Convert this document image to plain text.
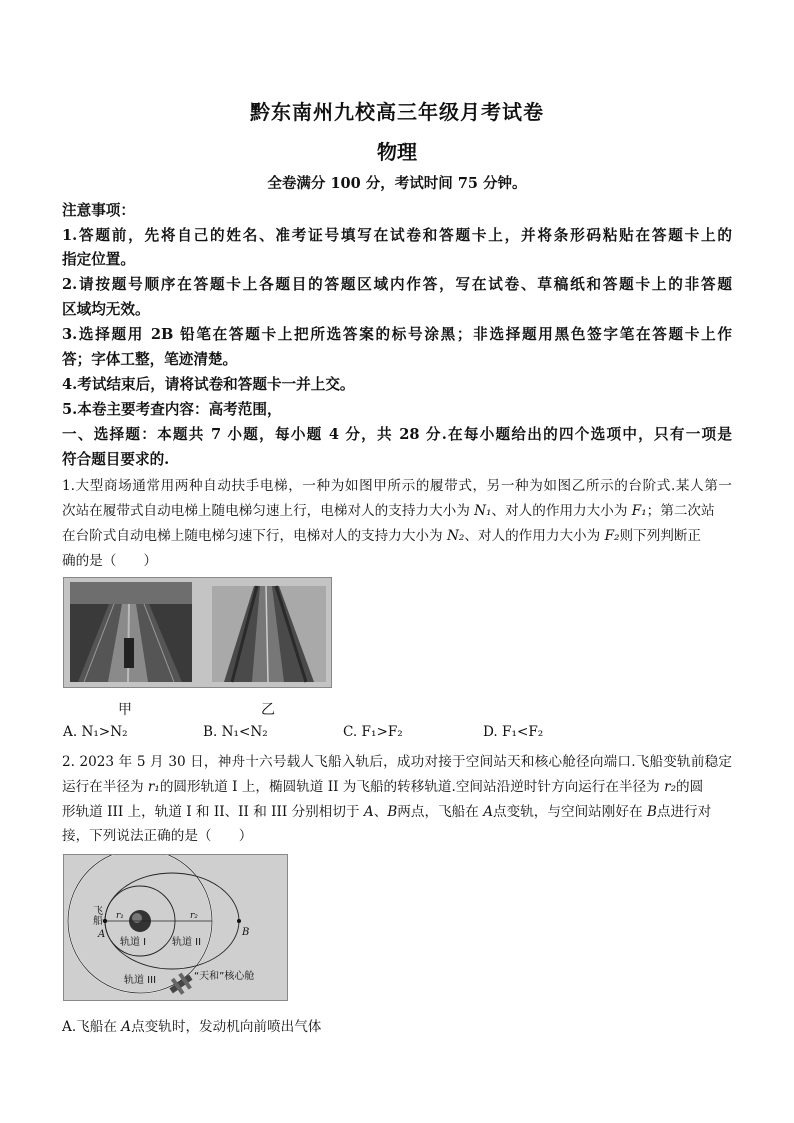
黔东南州九校高三年级月考试卷
物理
全卷满分 100 分，考试时间 75 分钟。
注意事项：
1.答题前，先将自己的姓名、准考证号填写在试卷和答题卡上，并将条形码粘贴在答题卡上的
指定位置。
2.请按题号顺序在答题卡上各题目的答题区域内作答，写在试卷、草稿纸和答题卡上的非答题
区域均无效。
3.选择题用 2B 铅笔在答题卡上把所选答案的标号涂黑；非选择题用黑色签字笔在答题卡上作
答；字体工整，笔迹清楚。
4.考试结束后，请将试卷和答题卡一并上交。
5.本卷主要考查内容：高考范围，
一、选择题：本题共 7 小题，每小题 4 分，共 28 分.在每小题给出的四个选项中，只有一项是
符合题目要求的.
1.大型商场通常用两种自动扶手电梯，一种为如图甲所示的履带式，另一种为如图乙所示的台阶式.某人第一
次站在履带式自动电梯上随电梯匀速上行，电梯对人的支持力大小为 N₁、对人的作用力大小为 F₁；第二次站
在台阶式自动电梯上随电梯匀速下行，电梯对人的支持力大小为 N₂、对人的作用力大小为 F₂则下列判断正
确的是（　　）
甲	乙
A. N₁>N₂	B. N₁<N₂	C. F₁>F₂	D. F₁<F₂
2. 2023 年 5 月 30 日，神舟十六号载人飞船入轨后，成功对接于空间站天和核心舱径向端口.飞船变轨前稳定
运行在半径为 r₁的圆形轨道 I 上，椭圆轨道 II 为飞船的转移轨道.空间站沿逆时针方向运行在半径为 r₂的圆
形轨道 III 上，轨道 I 和 II、II 和 III 分别相切于 A、B两点，飞船在 A点变轨，与空间站刚好在 B点进行对
接，下列说法正确的是（　　）
飞船
A	B
r₁	r₂
轨道 I	轨道 II
轨道 III	“天和”核心舱
A.飞船在 A点变轨时，发动机向前喷出气体
